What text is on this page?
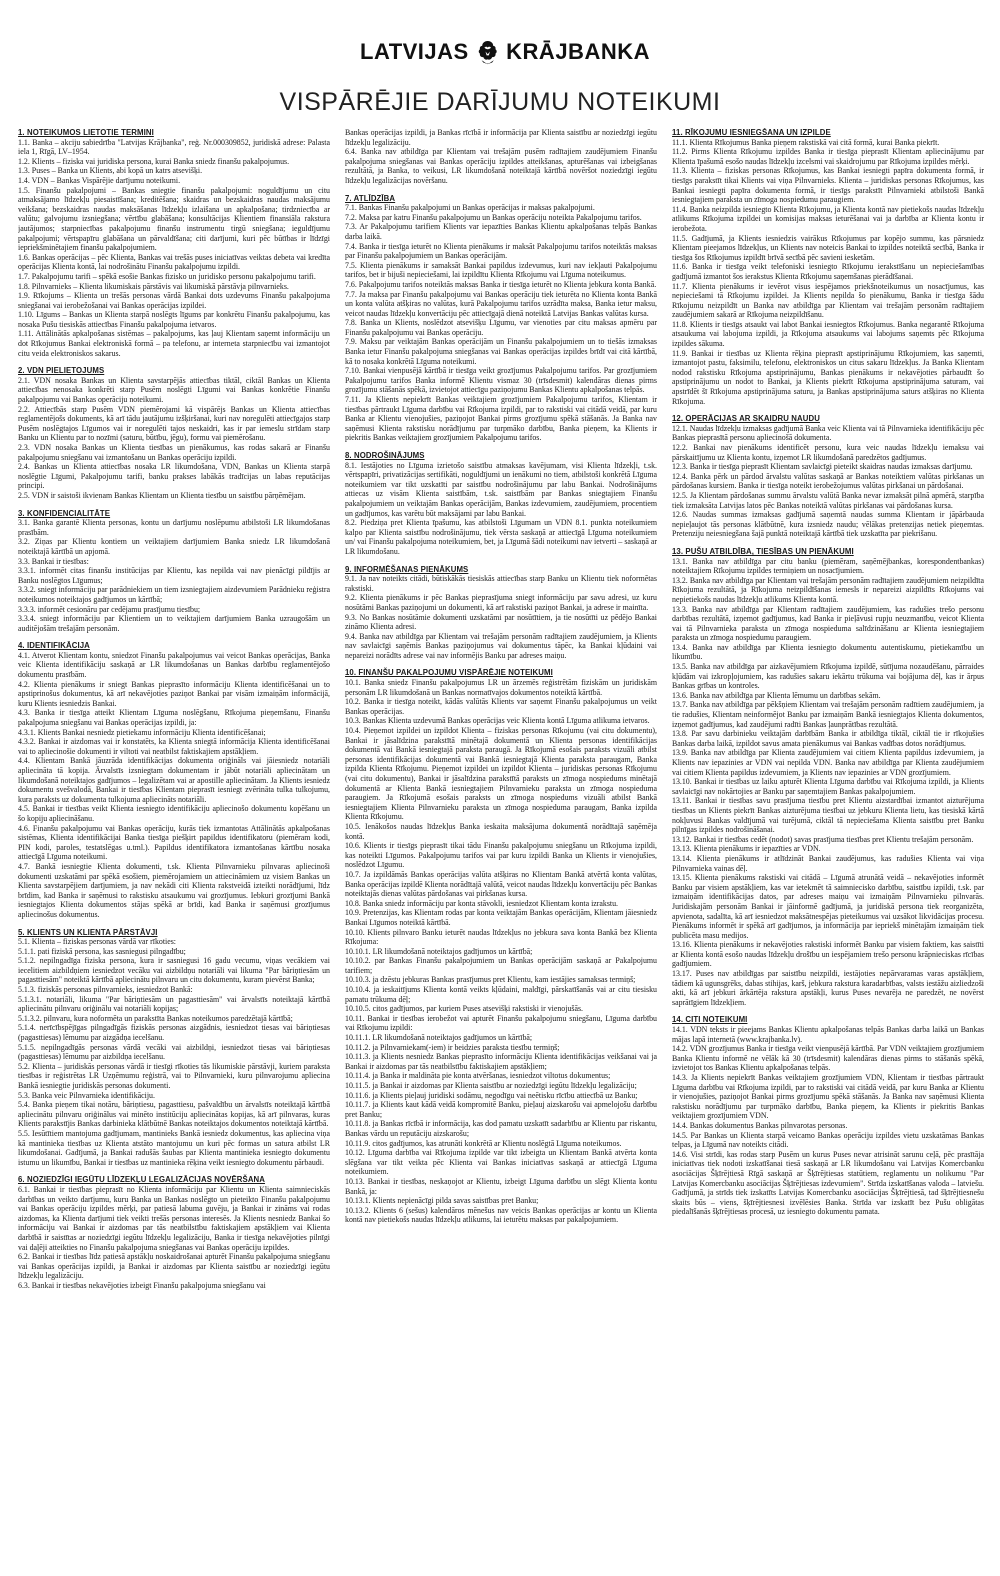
LATVIJAS KRĀJBANKA
VISPĀRĒJIE DARĪJUMU NOTEIKUMI
1. NOTEIKUMOS LIETOTIE TERMINI

1.1. Banka – akciju sabiedrība "Latvijas Krājbanka", reģ. Nr.000309852, juridiskā adrese: Palasta iela 1, Rīgā, LV–1954.

1.2. Klients – fiziska vai juridiska persona, kurai Banka sniedz finanšu pakalpojumus.

1.3. Puses – Banka un Klients, abi kopā un katrs atsevišķi.

1.4. VDN – Bankas Vispārējie darījumu noteikumi.

1.5. Finanšu pakalpojumi – Bankas sniegtie finanšu pakalpojumi: noguldījumu un citu atmaksājamo līdzekļu piesaistīšana; kreditēšana; skaidras un bezskaidras naudas maksājumu veikšana; bezskaidras naudas maksāšanas līdzekļu izlaišana un apkalpošana; tirdzniecība ar valūtu; galvojumu izsniegšana; vērtību glabāšana; konsultācijas Klientiem finansiāla rakstura jautājumos; starpniecības pakalpojumu finanšu instrumentu tirgū sniegšana; ieguldījumu pakalpojumi; vērtspapīru glabāšana un pārvaldīšana; citi darījumi, kuri pēc būtības ir līdzīgi iepriekšminētajiem finanšu pakalpojumiem.

1.6. Bankas operācijas – pēc Klienta, Bankas vai trešās puses iniciatīvas veiktas debeta vai kredīta operācijas Klienta kontā, lai nodrošinātu Finanšu pakalpojumu izpildi.

1.7. Pakalpojumu tarifi – spēkā esošie Bankas fizisko un juridisko personu pakalpojumu tarifi.

1.8. Pilnvarnieks – Klienta likumiskais pārstāvis vai likumiskā pārstāvja pilnvarnieks.

1.9. Rīkojums – Klienta un trešās personas vārdā Bankai dots uzdevums Finanšu pakalpojuma sniegšanai vai ierobežošanai vai Bankas operācijas izpildei.

1.10. Līgums – Bankas un Klienta starpā noslēgts līgums par konkrētu Finanšu pakalpojumu, kas nosaka Pušu tiesiskās attiecības Finanšu pakalpojuma ietvaros.

1.11. Attālinātās apkalpošanas sistēmas – pakalpojums, kas ļauj Klientam saņemt informāciju un dot Rīkojumus Bankai elektroniskā formā – pa telefonu, ar interneta starpniecību vai izmantojot citu veida elektroniskos sakarus.

2. VDN PIELIETOJUMS

2.1. VDN nosaka Bankas un Klienta savstarpējās attiecības tiktāl, ciktāl Bankas un Klienta attiecības nenosaka konkrēti starp Pusēm noslēgti Līgumi vai Bankas konkrētie Finanšu pakalpojumu vai Bankas operāciju noteikumi.

2.2. Attiecībās starp Pusēm VDN piemērojami kā vispārējs Bankas un Klienta attiecības reglamentējošs dokuments, kā arī tādu jautājumu izšķiršanai, kuri nav noregulēti attiecīgajos starp Pusēm noslēgtajos Līgumos vai ir noregulēti tajos neskaidri, kas ir par iemeslu strīdam starp Banku un Klientu par to nozīmi (saturu, būtību, jēgu), formu vai piemērošanu.

2.3. VDN nosaka Bankas un Klienta tiesības un pienākumus, kas rodas sakarā ar Finanšu pakalpojumu sniegšanu vai izmantošanu un Bankas operāciju izpildi.

2.4. Bankas un Klienta attiecības nosaka LR likumdošana, VDN, Bankas un Klienta starpā noslēgtie Līgumi, Pakalpojumu tarifi, banku prakses labākās tradīcijas un labas reputācijas principi.

2.5. VDN ir saistoši ikvienam Bankas Klientam un Klienta tiesību un saistību pārņēmējam.

3. KONFIDENCIALITĀTE

3.1. Banka garantē Klienta personas, kontu un darījumu noslēpumu atbilstoši LR likumdošanas prasībām.

3.2. Ziņas par Klientu kontiem un veiktajiem darījumiem Banka sniedz LR likumdošanā noteiktajā kārtībā un apjomā.

3.3. Bankai ir tiesības:

3.3.1. informēt citas finanšu institūcijas par Klientu, kas nepilda vai nav pienācīgi pildījis ar Banku noslēgtos Līgumus;

3.3.2. sniegt informāciju par parādniekiem un tiem izsniegtajiem aizdevumiem Parādnieku reģistra noteikumos noteiktajos gadījumos un kārtībā;

3.3.3. informēt cesionāru par cedējamu prasījumu tiesību;

3.3.4. sniegt informāciju par Klientiem un to veiktajiem darījumiem Banka uzraugošām un auditējošām trešajām personām.

4. IDENTIFIKĀCIJA

4.1. Atverot Klientam kontu, sniedzot Finanšu pakalpojumus vai veicot Bankas operācijas, Banka veic Klienta identifikāciju saskaņā ar LR likumdošanas un Bankas darbību reglamentējošo dokumentu prasībām.

4.2. Klienta pienākums ir sniegt Bankas pieprasīto informāciju Klienta identificēšanai un to apstiprinošus dokumentus, kā arī nekavējoties paziņot Bankai par visām izmaiņām informācijā, kuru Klients iesniedzis Bankai.

4.3. Banka ir tiesīga atteikt Klientam Līguma noslēgšanu, Rīkojuma pieņemšanu, Finanšu pakalpojuma sniegšanu vai Bankas operācijas izpildi, ja:

4.3.1. Klients Bankai nesniedz pietiekamu informāciju Klienta identificēšanai;

4.3.2. Bankai ir aizdomas vai ir konstatēts, ka Klienta sniegtā informācija Klienta identificēšanai vai to apliecinošie dokumenti ir viltoti vai neatbilst faktiskajiem apstākļiem.

4.4. Klientam Bankā jāuzrāda identifikācijas dokumenta oriģināls vai jāiesniedz notariāli apliecināta tā kopija. Ārvalstīs izsniegtam dokumentam ir jābūt notariāli apliecinātam un likumdošanā noteiktajos gadījumos – legalizētam vai ar apostille apliecinātam. Ja Klients iesniedz dokumentu svešvalodā, Bankai ir tiesības Klientam pieprasīt iesniegt zvērināta tulka tulkojumu, kura paraksts uz dokumenta tulkojuma apliecināts notariāli.

4.5. Bankai ir tiesības veikt Klienta iesniegto identifikāciju apliecinošo dokumentu kopēšanu un šo kopiju apliecināšanu.

4.6. Finanšu pakalpojumu vai Bankas operāciju, kurās tiek izmantotas Attālinātās apkalpošanas sistēmas, Klienta identifikācijai Banka tiesīga piešķirt papildus identifikatoru (piemēram kodi, PIN kodi, paroles, testatslēgas u.tml.). Papildus identifikatora izmantošanas kārtību nosaka attiecīgā Līguma noteikumi.

4.7. Bankā iesniegtie Klienta dokumenti, t.sk. Klienta Pilnvarnieku pilnvaras apliecinoši dokumenti uzskatāmi par spēkā esošiem, piemērojamiem un attiecināmiem uz visiem Bankas un Klienta savstarpējiem darījumiem, ja nav nekādi citi Klienta rakstveidā izteikti norādījumi, līdz brīdim, kad Banka ir saņēmusi to rakstisku atsaukumu vai grozījumus. Iebkuri grozījumi Bankā iesniegtajos Klienta dokumentos stājas spēkā ar brīdi, kad Banka ir saņēmusi grozījumus apliecinošus dokumentus.

5. KLIENTS UN KLIENTA PĀRSTĀVJI

5.1. Klienta – fiziskas personas vārdā var rīkoties:

5.1.1. pati fiziskā persona, kas sasniegusi pilngadību;

5.1.2. nepilngadīga fiziska persona, kura ir sasniegusi 16 gadu vecumu, viņas vecākiem vai iecelitiem aizbildņiem iesniedzot vecāku vai aizbildņu notariāli vai likuma "Par bāriņtiesām un pagasttiesām" noteiktā kārtībā apliecinātu pilnvaru un citu dokumentu, kuram pievērst Banka;

5.1.3. fiziskās personas pilnvarnieks, iesniedzot Bankā:

5.1.3.1. notariāli, likuma "Par bāriņtiesām un pagasttiesām" vai ārvalstīs noteiktajā kārtībā apliecinātu pilnvaru oriģinālu vai notariāli kopijas;

5.1.3.2. pilnvaru, kura noformēta un parakstīta Bankas noteikumos paredzētajā kārtībā;

5.1.4. nerīcībspējīgas pilngadīgās fiziskās personas aizgādnis, iesniedzot tiesas vai bāriņtiesas (pagasttiesas) lēmumu par aizgādņa iecelšanu.

5.1.5. nepilngadīgās personas vārdā vecāki vai aizbildņi, iesniedzot tiesas vai bāriņtiesas (pagasttiesas) lēmumu par aizbildņa iecelšanu.

5.2. Klienta – juridiskās personas vārdā ir tiesīgi rīkoties tās likumiskie pārstāvji, kuriem paraksta tiesības ir reģistrētas LR Uzņēmumu reģistrā, vai to Pilnvarnieki, kuru pilnvarojumu apliecina Bankā iesniegtie juridiskās personas dokumenti.

5.3. Banka veic Pilnvarnieka identifikāciju.

5.4. Banka pieņem tikai notāru, bāriņtiesu, pagasttiesu, pašvaldību un ārvalstīs noteiktajā kārtībā apliecinātu pilnvaru oriģinālus vai minēto institūciju apliecinātas kopijas, kā arī pilnvaras, kuras Klients parakstījis Bankas darbinieka klātbūtnē Bankas noteiktajos dokumentos noteiktajā kārtībā.

5.5. Iesūtītiem mantojuma gadījumam, mantinieks Bankā iesniedz dokumentus, kas apliecina viņa kā mantinieka tiesības uz Klienta atstāto mantojumu un kuri pēc formas un satura atbilst LR likumdošanai. Gadījumā, ja Bankai radušās šaubas par Klienta mantinieka iesniegto dokumentu istumu un likumību, Bankai ir tiesības uz mantinieka rēķina veikt iesniegto dokumentu pārbaudi.

6. NOZIEDZĪGI IEGŪTU LĪDZEKĻU LEGALIZĀCIJAS NOVĒRŠANA

6.1. Bankai ir tiesības pieprasīt no Klienta informāciju par Klientu un Klienta saimnieciskās darbības un veikto darījumu, kuru Banka un Bankas noslēgto un pieteikto Finanšu pakalpojumu vai Bankas operāciju izpildes mērķi, par patiesā labuma guvēju, ja Bankai ir zināms vai rodas aizdomas, ka Klienta darījumi tiek veikti trešās personas interesēs. Ja Klients nesniedz Bankai šo informāciju vai Bankai ir aizdomas par tās neatbilstību faktiskajiem apstākļiem vai Klienta darbībā ir saistītas ar noziedzīgi iegūtu līdzekļu legalizāciju, Banka ir tiesīga nekavējoties pilnīgi vai daļēji atteikties no Finanšu pakalpojuma sniegšanas vai Bankas operāciju izpildes.

6.2. Bankai ir tiesības līdz patiesā apstākļu noskaidrošanai apturēt Finanšu pakalpojuma sniegšanu vai Bankas operācijas izpildi, ja Bankai ir aizdomas par Klienta saistību ar noziedzīgi iegūtu līdzekļu legalizāciju.

6.3. Bankai ir tiesības nekavējoties izbeigt Finanšu pakalpojuma sniegšanu vai

Bankas operācijas izpildi, ja Bankas rīcībā ir informācija par Klienta saistību ar noziedzīgi iegūtu līdzekļu legalizāciju.

6.4. Banka nav atbildīga par Klientam vai trešajām pusēm radītajiem zaudējumiem Finanšu pakalpojuma sniegšanas vai Bankas operāciju izpildes atteikšanas, apturēšanas vai izbeigšanas rezultātā, ja Banka, to veikusi, LR likumdošanā noteiktajā kārtībā novēršot noziedzīgi iegūtu līdzekļu legalizācijas novēršanu.

7. ATLĪDZĪBA

7.1. Bankas Finanšu pakalpojumi un Bankas operācijas ir maksas pakalpojumi.

7.2. Maksa par katru Finanšu pakalpojumu un Bankas operāciju noteikta Pakalpojumu tarifos.

7.3. Ar Pakalpojumu tarifiem Klients var iepazīties Bankas Klientu apkalpošanas telpās Bankas darba laikā.

7.4. Banka ir tiesīga ieturēt no Klienta pienākums ir maksāt Pakalpojumu tarifos noteiktās maksas par Finanšu pakalpojumiem un Bankas operācijām.

7.5. Klienta pienākums ir samaksāt Bankai papildus izdevumus, kuri nav iekļauti Pakalpojumu tarifos, bet ir bijuši nepieciešami, lai izpildītu Klienta Rīkojumu vai Līguma noteikumus.

7.6. Pakalpojumu tarifos noteiktās maksas Banka ir tiesīga ieturēt no Klienta jebkura konta Bankā.

7.7. Ja maksa par Finanšu pakalpojumu vai Bankas operāciju tiek ieturēta no Klienta konta Bankā un konta valūta atšķiras no valūtas, kurā Pakalpojumu tarifos uzrādīta maksa, Banka ietur maksu, veicot naudas līdzekļu konvertāciju pēc attiecīgajā dienā noteiktā Latvijas Bankas valūtas kursa.

7.8. Banka un Klients, noslēdzot atsevišķu Līgumu, var vienoties par citu maksas apmēru par Finanšu pakalpojumu vai Bankas operāciju.

7.9. Maksu par veiktajām Bankas operācijām un Finanšu pakalpojumiem un to tiešās izmaksas Banka ietur Finanšu pakalpojuma sniegšanas vai Bankas operācijas izpildes brīdī vai citā kārtībā, kā to nosaka konkrētā Līguma noteikumi.

7.10. Bankai vienpusējā kārtībā ir tiesīga veikt grozījumus Pakalpojumu tarifos. Par grozījumiem Pakalpojumu tarifos Banka informē Klientu vismaz 30 (trīsdesmit) kalendāras dienas pirms grozījumu stāšanās spēkā, izvietojot attiecīgu paziņojumu Bankas Klientu apkalpošanas telpās.

7.11. Ja Klients nepiekrīt Bankas veiktajiem grozījumiem Pakalpojumu tarifos, Klientam ir tiesības pārtraukt Līguma darbību vai Rīkojuma izpildi, par to rakstiski vai citādā veidā, par kuru Banka ar Klientu vienojušies, paziņojot Bankai pirms grozījumu spēkā stāšanās. Ja Banka nav saņēmusi Klienta rakstisku norādījumu par turpmāko darbību, Banka pieņem, ka Klients ir piekritis Bankas veiktajiem grozījumiem Pakalpojumu tarifos.

8. NODROŠINĀJUMS

8.1. Iestājoties no Līguma izrietošo saistību atmaksas kavējumam, visi Klienta līdzekļi, t.sk. vērtspapīri, privatizācijas sertifikāti, noguldījumi un ienākumi no tiem, atbilstoši konkrētā Līguma noteikumiem var tikt uzskatīti par saistību nodrošinājumu par labu Bankai. Nodrošinājums attiecas uz visām Klienta saistībām, t.sk. saistībām par Bankas sniegtajiem Finanšu pakalpojumiem un veiktajām Bankas operācijām, Bankas izdevumiem, zaudējumiem, procentiem un gadījumos, kas varētu būt maksājami par labu Bankai.

8.2. Piedziņa pret Klienta īpašumu, kas atbilstoši Līgumam un VDN 8.1. punkta noteikumiem kalpo par Klienta saistību nodrošinājumu, tiek vērsta saskaņā ar attiecīgā Līguma noteikumiem un/ vai Finanšu pakalpojuma noteikumiem, bet, ja Līgumā šādi noteikumi nav ietverti – saskaņā ar LR likumdošanu.

9. INFORMĒŠANAS PIENĀKUMS

9.1. Ja nav noteikts citādi, būtiskākās tiesiskās attiecības starp Banku un Klientu tiek noformētas rakstiski.

9.2. Klienta pienākums ir pēc Bankas pieprasījuma sniegt informāciju par savu adresi, uz kuru nosūtāmi Bankas paziņojumi un dokumenti, kā arī rakstiski paziņot Bankai, ja adrese ir mainīta.

9.3. No Bankas nosūtāmie dokumenti uzskatāmi par nosūtītiem, ja tie nosūtīti uz pēdējo Bankai zināmo Klienta adresi.

9.4. Banka nav atbildīga par Klientam vai trešajām personām radītajiem zaudējumiem, ja Klients nav savlaicīgi saņēmis Bankas paziņojumus vai dokumentus tāpēc, ka Bankai kļūdaini vai nepareizi norādīts adrese vai nav informējis Banku par adreses maiņu.

10. FINANŠU PAKALPOJUMU VISPĀRĒJIE NOTEIKUMI

10.1. Banka sniedz Finanšu pakalpojumus LR un ārzemēs reģistrētām fiziskām un juridiskām personām LR likumdošanā un Bankas normatīvajos dokumentos noteiktā kārtībā.

10.2. Banka ir tiesīga noteikt, kādās valūtās Klients var saņemt Finanšu pakalpojumus un veikt Bankas operācijas.

10.3. Bankas Klienta uzdevumā Bankas operācijas veic Klienta kontā Līguma atlikuma ietvaros.

10.4. Pieņemot izpildei un izpildot Klienta – fiziskas personas Rīkojumu (vai citu dokumentu), Bankai ir jāsalīdzina parakstītā minētajā dokumentā un Klienta personas identifikācijas dokumentā vai Bankā iesniegtajā paraksta paraugā. Ja Rīkojumā esošais paraksts vizuāli atbilst personas identifikācijas dokumentā vai Bankā iesniegtajā Klienta paraksta paraugam, Banka izpilda Klienta Rīkojumu. Pieņemot izpildei un izpildot Klienta – juridiskas personas Rīkojumu (vai citu dokumentu), Bankai ir jāsalīdzina parakstītā paraksts un zīmoga nospiedums minētajā dokumentā ar Klienta Bankā iesniegtajiem Pilnvarnieku paraksta un zīmoga nospieduma paraugiem. Ja Rīkojumā esošais paraksts un zīmoga nospiedums vizuāli atbilst Bankā iesniegtajiem Klienta Pilnvarnieku paraksta un zīmoga nospieduma paraugam, Banka izpilda Klienta Rīkojumu.

10.5. Ienākošos naudas līdzekļus Banka ieskaita maksājuma dokumentā norādītajā saņēmēja kontā.

10.6. Klients ir tiesīgs pieprasīt tikai tādu Finanšu pakalpojumu sniegšanu un Rīkojuma izpildi, kas noteikti Līgumos. Pakalpojumu tarifos vai par kuru izpildi Banka un Klients ir vienojušies, noslēdzot Līgumu.

10.7. Ja izpildāmās Bankas operācijas valūta atšķiras no Klientam Bankā atvērtā konta valūtas, Banka operācijas izpildē Klienta norādītajā valūtā, veicot naudas līdzekļu konvertāciju pēc Bankas noteiktajās dienas valūtas pārdošanas vai pirkšanas kursa.

10.8. Banka sniedz informāciju par konta stāvokli, iesniedzot Klientam konta izrakstu.

10.9. Pretenzijas, kas Klientam rodas par konta veiktajām Bankas operācijām, Klientam jāiesniedz Bankai Līgumos noteiktā kārtībā.

10.10. Klients pilnvaro Banku ieturēt naudas līdzekļus no jebkura sava konta Bankā bez Klienta Rīkojuma:

10.10.1. LR likumdošanā noteiktajos gadījumos un kārtībā;

10.10.2. par Bankas Finanšu pakalpojumiem un Bankas operācijām saskaņā ar Pakalpojumu tarifiem;

10.10.3. ja dzēstu jebkuras Bankas prasījumus pret Klientu, kam iestājies samaksas termiņš;

10.10.4. ja ieskaitījums Klienta kontā veikts kļūdaini, maldīgi, pārskatīšanās vai ar citu tiesisku pamatu trūkuma dēļ;

10.10.5. citos gadījumos, par kuriem Puses atsevišķi rakstiski ir vienojušās.

10.11. Bankai ir tiesības ierobežot vai apturēt Finanšu pakalpojumu sniegšanu, Līguma darbību vai Rīkojumu izpildi:

10.11.1. LR likumdošanā noteiktajos gadījumos un kārtībā;

10.11.2. ja Pilnvarniekam(-iem) ir beidzies paraksta tiesību termiņš;

10.11.3. ja Klients nesniedz Bankas pieprasīto informāciju Klienta identifikācijas veikšanai vai ja Bankai ir aizdomas par tās neatbilstību faktiskajiem apstākļiem;

10.11.4. ja Banka ir maldināta pie konta atvēršanas, iesniedzot viltotus dokumentus;

10.11.5. ja Bankai ir aizdomas par Klienta saistību ar noziedzīgi iegūtu līdzekļu legalizāciju;

10.11.6. ja Klients pieļauj juridiski sodāmu, negodīgu vai neētisku rīcību attiecībā uz Banku;

10.11.7. ja Klients kaut kādā veidā kompromitē Banku, pieļauj aizskarošu vai apmelojošu darbību pret Banku;

10.11.8. ja Bankas rīcībā ir informācija, kas dod pamatu uzskatīt sadarbību ar Klientu par riskantu, Bankas vārdu un reputāciju aizskarošu;

10.11.9. citos gadījumos, kas atrunāti konkrētā ar Klientu noslēgtā Līguma noteikumos.

10.12. Līguma darbība vai Rīkojuma izpilde var tikt izbeigta un Klientam Bankā atvērta konta slēgšana var tikt veikta pēc Klienta vai Bankas iniciatīvas saskaņā ar attiecīgā Līguma noteikumiem.

10.13. Bankai ir tiesības, neskaņojot ar Klientu, izbeigt Līguma darbību un slēgt Klienta kontu Bankā, ja:

10.13.1. Klients nepienācīgi pilda savas saistības pret Banku;

10.13.2. Klients 6 (sešus) kalendāros mēnešus nav veicis Bankas operācijas ar kontu un Klienta kontā nav pietiekošs naudas līdzekļu atlikums, lai ieturētu maksas par pakalpojumiem.

11. RĪKOJUMU IESNIEGŠANA UN IZPILDE

11.1. Klienta Rīkojumus Banka pieņem rakstiskā vai citā formā, kurai Banka piekrīt.

11.2. Pirms Klienta Rīkojumu izpildes Banka ir tiesīga pieprasīt Klientam apliecinājumu par Klienta īpašumā esošo naudas līdzekļu izcelsmi vai skaidrojumu par Rīkojuma izpildes mērķi.

11.3. Klienta – fiziskas personas Rīkojumus, kas Bankai iesniegti papīra dokumenta formā, ir tiesīgs parakstīt tikai Klients vai viņa Pilnvarnieks. Klienta – juridiskas personas Rīkojumus, kas Bankai iesniegti papīra dokumenta formā, ir tiesīgs parakstīt Pilnvarnieki atbilstoši Bankā iesniegtajiem paraksta un zīmoga nospiedumu paraugiem.

11.4. Banka neizpilda iesniegto Klienta Rīkojumu, ja Klienta kontā nav pietiekošs naudas līdzekļu atlikums Rīkojuma izpildei un komisijas maksas ieturēšanai vai ja darbība ar Klienta kontu ir ierobežota.

11.5. Gadījumā, ja Klients iesniedzis vairākus Rīkojumus par kopējo summu, kas pārsniedz Klientam pieejamos līdzekļus, un Klients nav noteicis Bankai to izpildes noteiktā secībā, Banka ir tiesīga šos Rīkojumus izpildīt brīvā secībā pēc savieni iesketām.

11.6. Banka ir tiesīga veikt telefoniski iesniegto Rīkojumu ierakstīšanu un nepieciešamības gadījumā izmantot šos ierakstus Klienta Rīkojumu saņemšanas pierādīšanai.

11.7. Klienta pienākums ir ievērot visus iespējamos priekšnoteikumus un nosacījumus, kas nepieciešami tā Rīkojumu izpildei. Ja Klients nepilda šo pienākumu, Banka ir tiesīga šādu Rīkojumu neizpildīt un Banka nav atbildīga par Klientam vai trešajām personām radītajiem zaudējumiem sakarā ar Rīkojuma neizpildīšanu.

11.8. Klients ir tiesīgs atsaukt vai labot Bankai iesniegtos Rīkojumus. Banka negarantē Rīkojuma atsaukuma vai labojuma izpildi, ja Rīkojuma atsaukums vai labojums saņemts pēc Rīkojuma izpildes sākuma.

11.9. Bankai ir tiesības uz Klienta rēķina pieprasīt apstiprinājumu Rīkojumiem, kas saņemti, izmantojot pastu, faksimilu, telefonu, elektroniskos un citus sakaru līdzekļus. Ja Banka Klientam nodod rakstisku Rīkojuma apstiprinājumu, Bankas pienākums ir nekavējoties pārbaudīt šo apstiprinājumu un nodot to Bankai, ja Klients piekrīt Rīkojuma apstiprinājuma saturam, vai apstrīdēt šī Rīkojuma apstiprinājuma saturu, ja Bankas apstiprinājuma saturs atšķiras no Klienta Rīkojuma.

12. OPERĀCIJAS AR SKAIDRU NAUDU

12.1. Naudas līdzekļu izmaksas gadījumā Banka veic Klienta vai tā Pilnvarnieka identifikāciju pēc Bankas pieprasītā personu apliecinošā dokumenta.

12.2. Bankai nav pienākums identificēt personu, kura veic naudas līdzekļu iemaksu vai pārskaitījumu uz Klienta kontu, izņemot LR likumdošanā paredzētos gadījumus.

12.3. Banka ir tiesīga pieprasīt Klientam savlaicīgi pieteikt skaidras naudas izmaksas darījumu.

12.4. Banka pērk un pārdod ārvalstu valūtas saskaņā ar Bankas noteiktiem valūtas pirkšanas un pārdošanas kursiem. Banka ir tiesīga noteikt ierobežojumus valūtas pirkšanai un pārdošanai.

12.5. Ja Klientam pārdošanas summu ārvalstu valūtā Banka nevar izmaksāt pilnā apmērā, starpība tiek izmaksāta Latvijas latos pēc Bankas noteiktā valūtas pirkšanas vai pārdošanas kursa.

12.6. Naudas summas izmaksas gadījumā saņemtā naudas summa Klientam ir jāpārbauda nepieļaujot tās personas klātbūtnē, kura izsniedz naudu; vēlākas pretenzijas netiek pieņemtas. Pretenziju neiesniegšana šajā punktā noteiktajā kārtībā tiek uzskatīta par piekrišanu.

13. PUŠU ATBILDĪBA, TIESĪBAS UN PIENĀKUMI

13.1. Banka nav atbildīga par citu banku (piemēram, saņēmējbankas, korespondentbankas) noteiktajiem Rīkojumu izpildes termiņiem un nosacījumiem.

13.2. Banka nav atbildīga par Klientam vai trešajām personām radītajiem zaudējumiem neizpildīta Rīkojuma rezultātā, ja Rīkojuma neizpildīšanas iemesls ir nepareizi aizpildīts Rīkojums vai nepietiekošs naudas līdzekļu atlikums Klienta kontā.

13.3. Banka nav atbildīga par Klientam radītajiem zaudējumiem, kas radušies trešo personu darbības rezultātā, izņemot gadījumus, kad Banka ir pieļāvusi rupju neuzmanību, veicot Klienta vai tā Pilnvarnieka paraksta un zīmoga nospieduma salīdzināšanu ar Klienta iesniegtajiem paraksta un zīmoga nospiedumu paraugiem.

13.4. Banka nav atbildīga par Klienta iesniegto dokumentu autentiskumu, pietiekamību un likumību.

13.5. Banka nav atbildīga par aizkavējumiem Rīkojuma izpildē, sūtījuma nozaudēšanu, pārraides kļūdām vai izkropļojumiem, kas radušies sakaru iekārtu trūkuma vai bojājuma dēļ, kas ir ārpus Bankas grības un kontroles.

13.6. Banka nav atbildīga par Klienta lēmumu un darbības sekām.

13.7. Banka nav atbildīga par pēkšņiem Klientam vai trešajām personām radītiem zaudējumiem, ja tie radušies, Klientam neinformējot Banku par izmaiņām Bankā iesniegtajos Klienta dokumentos, izņemot gadījumus, kad zaudējumi radīti Bankas ļaunprātības rezultātā.

13.8. Par savu darbinieku veiktajām darbībām Banka ir atbildīga tiktāl, ciktāl tie ir rīkojušies Bankas darba laikā, izpildot savus amata pienākumus vai Bankas vadības dotos norādījumus.

13.9. Banka nav atbildīga par Klienta zaudējumiem vai citiem Klienta papildus izdevumiem, ja Klients nav iepazinies ar VDN vai nepilda VDN. Banka nav atbildīga par Klienta zaudējumiem vai citiem Klienta papildus izdevumiem, ja Klients nav iepazinies ar VDN grozījumiem.

13.10. Bankai ir tiesības uz laiku apturēt Klienta Līguma darbību vai Rīkojuma izpildi, ja Klients savlaicīgi nav nokārtojies ar Banku par saņemtajiem Bankas pakalpojumiem.

13.11. Bankai ir tiesības savu prasījuma tiesību pret Klientu aizstardībai izmantot aizturējuma tiesības un Klients piekrīt Bankas aizturējuma tiesībai uz jebkuru Klienta lietu, kas tiesiskā kārtā nokļuvusi Bankas valdījumā vai turējumā, ciktāl tā nepieciešama Klienta saistību pret Banku pilnīgas izpildes nodrošināšanai.

13.12. Bankai ir tiesības cedēt (nodot) savas prasījuma tiesības pret Klientu trešajām personām.

13.13. Klienta pienākums ir iepazīties ar VDN.

13.14. Klienta pienākums ir atlīdzināt Bankai zaudējumus, kas radušies Klienta vai viņa Pilnvarnieka vainas dēļ.

13.15. Klienta pienākums rakstiski vai citādā – Līgumā atrunātā veidā – nekavējoties informēt Banku par visiem apstākļiem, kas var ietekmēt tā saimniecisko darbību, saistību izpildi, t.sk. par izmaiņām identifikācijas datos, par adreses maiņu vai izmaiņām Pilnvarnieku pilnvarās. Juridiskajām personām Bankai ir jāinformē gadījumā, ja juridiskā persona tiek reorganizēta, apvienota, sadalīta, kā arī iesniedzot maksātnespējas pieteikumus vai uzsākot likvidācijas procesu. Pienākums informēt ir spēkā arī gadījumos, ja informācija par iepriekš minētajām izmaiņām tiek publicēta masu medijos.

13.16. Klienta pienākums ir nekavējoties rakstiski informēt Banku par visiem faktiem, kas saistīti ar Klienta kontā esošo naudas līdzekļu drošību un iespējamiem trešo personu krāpnieciskas rīcības gadījumiem.

13.17. Puses nav atbildīgas par saistību neizpildi, iestājoties nepārvaramas varas apstākļiem, tādiem kā ugunsgrēks, dabas stihijas, karš, jebkura rakstura karadarbības, valsts iestāžu aizliedzoši akti, kā arī jebkuri ārkārtēja rakstura apstākļi, kurus Puses nevarēja ne paredzēt, ne novērst saprātīgiem līdzekļiem.

14. CITI NOTEIKUMI

14.1. VDN teksts ir pieejams Bankas Klientu apkalpošanas telpās Bankas darba laikā un Bankas mājas lapā internetā (www.krajbanka.lv).

14.2. VDN grozījumus Banka ir tiesīga veikt vienpusējā kārtībā. Par VDN veiktajiem grozījumiem Banka Klientu informē ne vēlāk kā 30 (trīsdesmit) kalendāras dienas pirms to stāšanās spēkā, izvietojot tos Bankas Klientu apkalpošanas telpās.

14.3. Ja Klients nepiekrīt Bankas veiktajiem grozījumiem VDN, Klientam ir tiesības pārtraukt Līguma darbību vai Rīkojuma izpildi, par to rakstiski vai citādā veidā, par kuru Banka ar Klientu ir vienojušies, paziņojot Bankai pirms grozījumu spēkā stāšanās. Ja Banka nav saņēmusi Klienta rakstisku norādījumu par turpmāko darbību, Banka pieņem, ka Klients ir piekritis Bankas veiktajiem grozījumiem VDN.

14.4. Bankas dokumentus Bankas pilnvarotas personas.

14.5. Par Bankas un Klienta starpā veicamo Bankas operāciju izpildes vietu uzskatāmas Bankas telpas, ja Līgumā nav noteikts citādi.

14.6. Visi strīdi, kas rodas starp Pusēm un kurus Puses nevar atrisināt sarunu ceļā, pēc prasītāja iniciatīvas tiek nodoti izskatīšanai tiesā saskaņā ar LR likumdošanu vai Latvijas Komercbanku asociācijas Šķīrējtiesā Rīgā saskaņā ar Šķīrējtiesas statūtiem, reglamentu un nolikumu "Par Latvijas Komercbanku asociācijas Šķīrējtiesas izdevumiem". Strīda izskatīšanas valoda – latviešu. Gadījumā, ja strīds tiek izskatīts Latvijas Komercbanku asociācijas Šķīrējtiesā, tad šķīrējtiesnešu skaits būs – viens, šķīrējtiesnesi izvēlēsies Banka. Strīda var izskatīt bez Pušu obligātas piedalīšanās šķīrējtiesas procesā, uz iesniegto dokumentu pamata.
